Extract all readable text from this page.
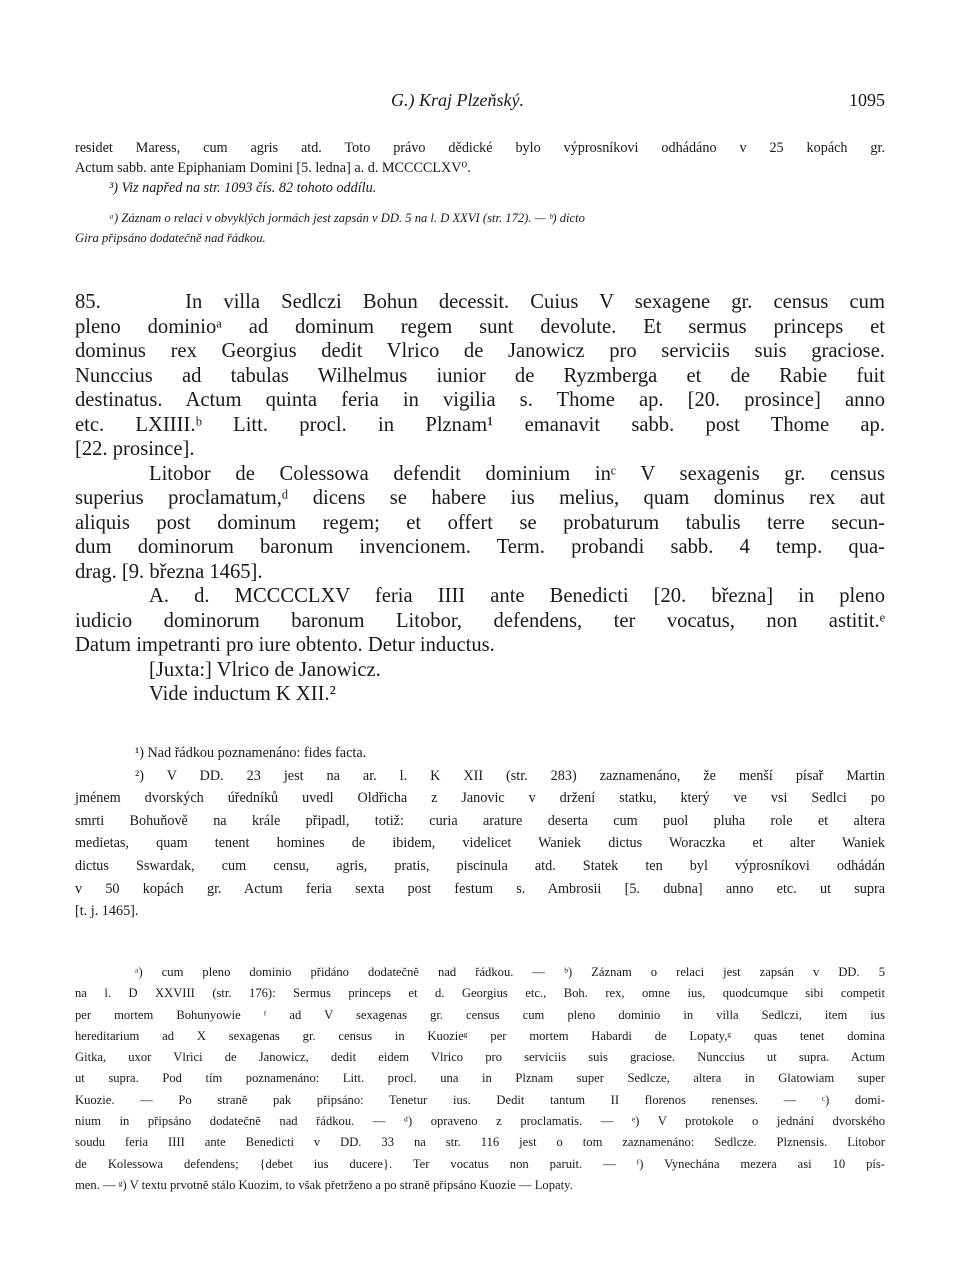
G.) Kraj Plzeňský.	1095
residet Maress, cum agris atd. Toto právo dědické bylo výprosníkovi odhádáno v 25 kopách gr.
Actum sabb. ante Epiphaniam Domini [5. ledna] a. d. MCCCCLXV⁰.
³) Viz napřed na str. 1093 čís. 82 tohoto oddílu.
ᵃ) Záznam o relaci v obvyklých jormách jest zapsán v DD. 5 na l. D XXVI (str. 172). — ᵇ) dicto
Gira připsáno dodatečně nad řádkou.
85.	In villa Sedlczi Bohun decessit. Cuius V sexagene gr. census cum
pleno dominioᵃ ad dominum regem sunt devolute. Et sermus princeps et
dominus rex Georgius dedit Vlrico de Janowicz pro serviciis suis graciose.
Nunccius ad tabulas Wilhelmus iunior de Ryzmberga et de Rabie fuit
destinatus. Actum quinta feria in vigilia s. Thome ap. [20. prosince] anno
etc. LXIIII.ᵇ Litt. procl. in Plznam¹ emanavit sabb. post Thome ap.
[22. prosince].
Litobor de Colessowa defendit dominium inᶜ V sexagenis gr. census
superius proclamatum,ᵈ dicens se habere ius melius, quam dominus rex aut
aliquis post dominum regem; et offert se probaturum tabulis terre secun-
dum dominorum baronum invencionem. Term. probandi sabb. 4 temp. qua-
drag. [9. března 1465].
A. d. MCCCCLXV feria IIII ante Benedicti [20. března] in pleno
iudicio dominorum baronum Litobor, defendens, ter vocatus, non astitit.ᵉ
Datum impetranti pro iure obtento. Detur inductus.
[Juxta:] Vlrico de Janowicz.
Vide inductum K XII.²
¹) Nad řádkou poznamenáno: fides facta.
²) V DD. 23 jest na ar. l. K XII (str. 283) zaznamenáno, že menší písař Martin
jménem dvorských úředníků uvedl Oldřicha z Janovic v držení statku, který ve vsi Sedlci po
smrti Bohuňově na krále připadl, totiž: curia arature deserta cum puol pluha role et altera
medietas, quam tenent homines de ibidem, videlicet Waniek dictus Woraczka et alter Waniek
dictus Sswardak, cum censu, agris, pratis, piscinula atd. Statek ten byl výprosníkovi odhádán
v 50 kopách gr. Actum feria sexta post festum s. Ambrosii [5. dubna] anno etc. ut supra
[t. j. 1465].
ᵃ) cum pleno dominio přidáno dodatečně nad řádkou. — ᵇ) Záznam o relaci jest zapsán v DD. 5
na l. D XXVIII (str. 176): Sermus princeps et d. Georgius etc., Boh. rex, omne ius, quodcumque sibi competit
per mortem Bohunyowie ᶠ ad V sexagenas gr. census cum pleno dominio in villa Sedlczi, item ius
hereditarium ad X sexagenas gr. census in Kuozieᵍ per mortem Habardi de Lopaty,ᵍ quas tenet domina
Gitka, uxor Vlrici de Janowicz, dedit eidem Vlrico pro serviciis suis graciose. Nunccius ut supra. Actum
ut supra. Pod tím poznamenáno: Litt. procl. una in Plznam super Sedlcze, altera in Glatowiam super
Kuozie. — Po straně pak připsáno: Tenetur ius. Dedit tantum II florenos renenses. — ᶜ) domi-
nium in připsáno dodatečně nad řádkou. — ᵈ) opraveno z proclamatis. — ᵉ) V protokole o jednání dvorského
soudu feria IIII ante Benedicti v DD. 33 na str. 116 jest o tom zaznamenáno: Sedlcze. Plznensis. Litobor
de Kolessowa defendens; {debet ius ducere}. Ter vocatus non paruit. — ᶠ) Vynechána mezera asi 10 pís-
men. — ᵍ) V textu prvotně stálo Kuozim, to však přetrženo a po straně připsáno Kuozie — Lopaty.
